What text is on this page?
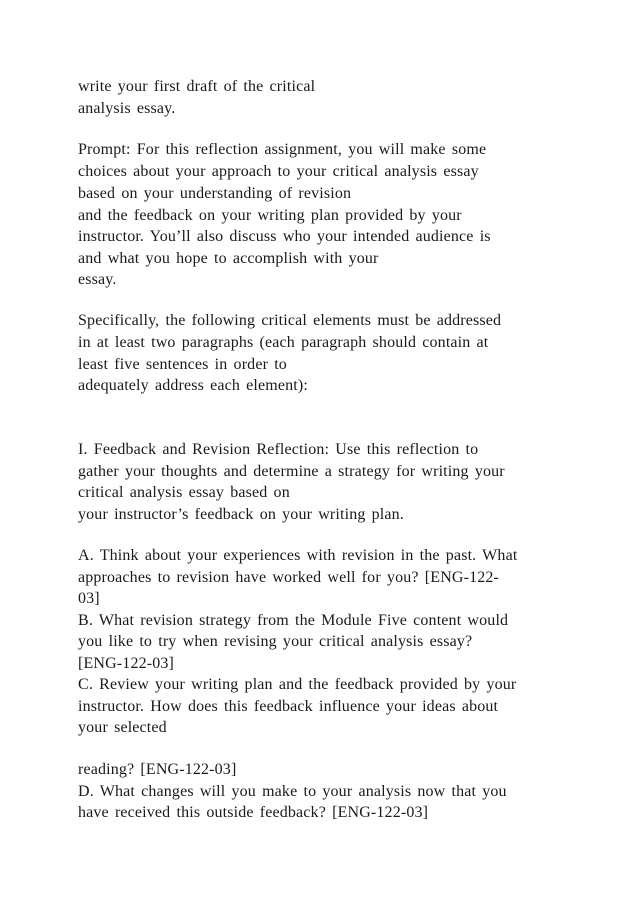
write your first draft of the critical

analysis essay.

Prompt: For this reflection assignment, you will make some

choices about your approach to your critical analysis essay

based on your understanding of revision

and the feedback on your writing plan provided by your

instructor. You’ll also discuss who your intended audience is

and what you hope to accomplish with your

essay.

Specifically, the following critical elements must be addressed

in at least two paragraphs (each paragraph should contain at

least five sentences in order to

adequately address each element):

I. Feedback and Revision Reflection: Use this reflection to

gather your thoughts and determine a strategy for writing your

critical analysis essay based on

your instructor’s feedback on your writing plan.

A. Think about your experiences with revision in the past. What

approaches to revision have worked well for you? [ENG-122-

03]

B. What revision strategy from the Module Five content would

you like to try when revising your critical analysis essay?

[ENG-122-03]

C. Review your writing plan and the feedback provided by your

instructor. How does this feedback influence your ideas about

your selected

reading? [ENG-122-03]

D. What changes will you make to your analysis now that you

have received this outside feedback? [ENG-122-03]
